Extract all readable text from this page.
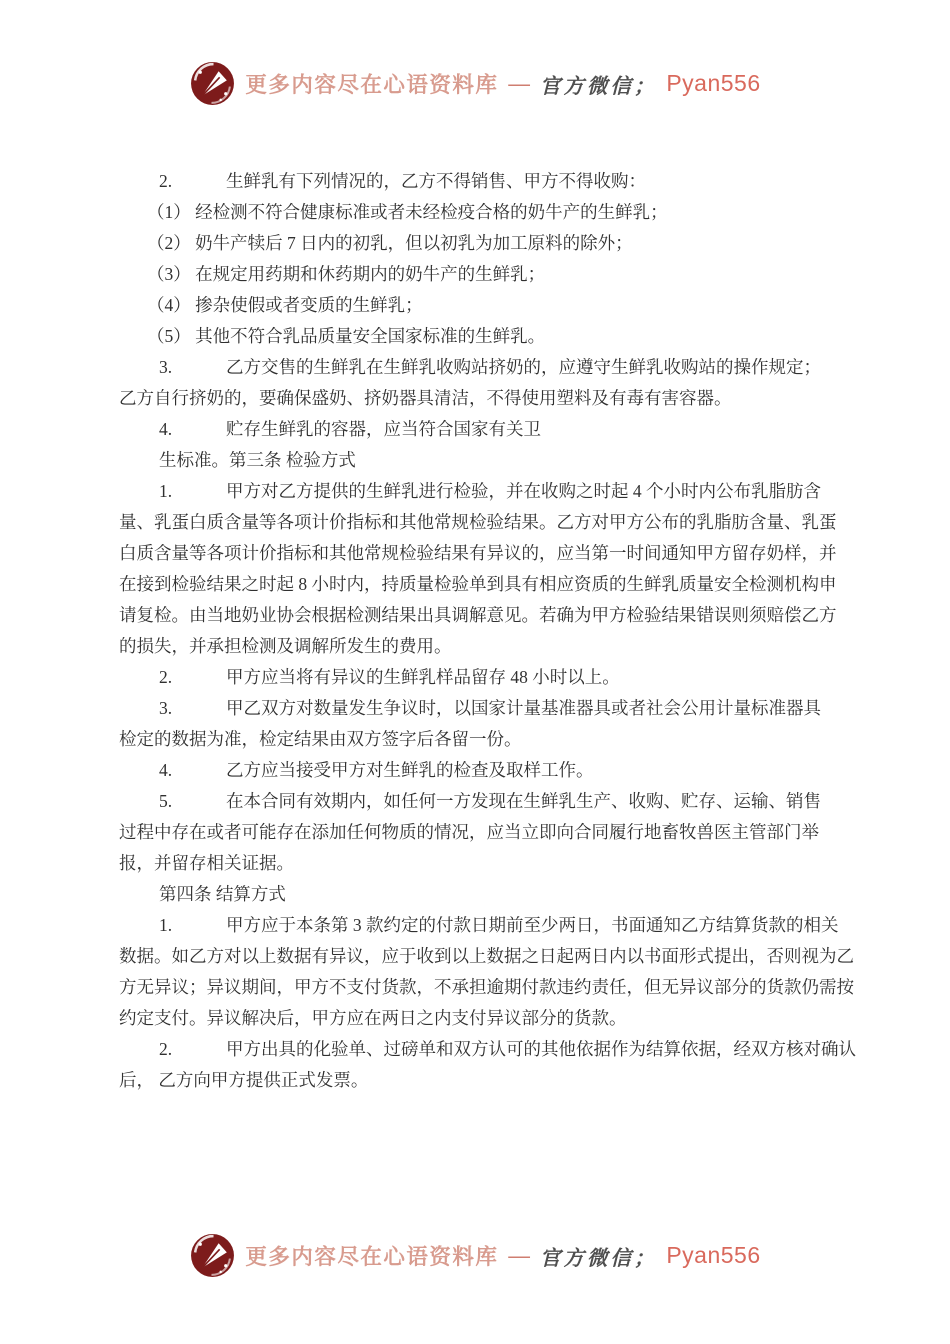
更多内容尽在心语资料库 — 官方微信； Pyan556
2.	生鲜乳有下列情况的，乙方不得销售、甲方不得收购：
（1） 经检测不符合健康标准或者未经检疫合格的奶牛产的生鲜乳；
（2） 奶牛产犊后 7 日内的初乳，但以初乳为加工原料的除外；
（3） 在规定用药期和休药期内的奶牛产的生鲜乳；
（4） 掺杂使假或者变质的生鲜乳；
（5） 其他不符合乳品质量安全国家标准的生鲜乳。
3.	乙方交售的生鲜乳在生鲜乳收购站挤奶的，应遵守生鲜乳收购站的操作规定；
乙方自行挤奶的，要确保盛奶、挤奶器具清洁，不得使用塑料及有毒有害容器。
4.	贮存生鲜乳的容器，应当符合国家有关卫
生标准。第三条 检验方式
1.	甲方对乙方提供的生鲜乳进行检验，并在收购之时起 4 个小时内公布乳脂肪含
量、乳蛋白质含量等各项计价指标和其他常规检验结果。乙方对甲方公布的乳脂肪含量、乳蛋
白质含量等各项计价指标和其他常规检验结果有异议的，应当第一时间通知甲方留存奶样，并
在接到检验结果之时起 8 小时内，持质量检验单到具有相应资质的生鲜乳质量安全检测机构申
请复检。由当地奶业协会根据检测结果出具调解意见。若确为甲方检验结果错误则须赔偿乙方
的损失，并承担检测及调解所发生的费用。
2.	甲方应当将有异议的生鲜乳样品留存 48 小时以上。
3.	甲乙双方对数量发生争议时，以国家计量基准器具或者社会公用计量标准器具
检定的数据为准，检定结果由双方签字后各留一份。
4.	乙方应当接受甲方对生鲜乳的检查及取样工作。
5.	在本合同有效期内，如任何一方发现在生鲜乳生产、收购、贮存、运输、销售
过程中存在或者可能存在添加任何物质的情况，应当立即向合同履行地畜牧兽医主管部门举
报，并留存相关证据。
第四条 结算方式
1.	甲方应于本条第 3 款约定的付款日期前至少两日，书面通知乙方结算货款的相关
数据。如乙方对以上数据有异议，应于收到以上数据之日起两日内以书面形式提出，否则视为乙
方无异议；异议期间，甲方不支付货款，不承担逾期付款违约责任，但无异议部分的货款仍需按
约定支付。异议解决后，甲方应在两日之内支付异议部分的货款。
2.	甲方出具的化验单、过磅单和双方认可的其他依据作为结算依据，经双方核对确认
后， 乙方向甲方提供正式发票。
更多内容尽在心语资料库 — 官方微信； Pyan556
